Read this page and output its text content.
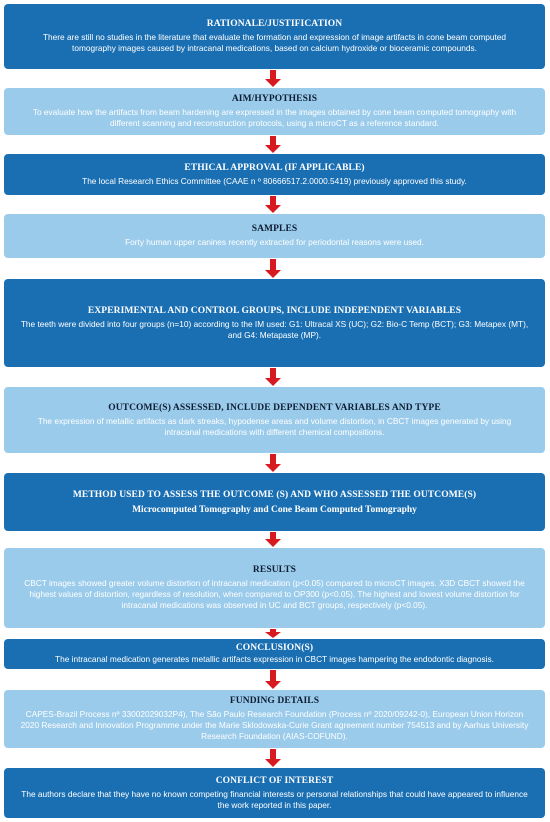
RATIONALE/JUSTIFICATION
There are still no studies in the literature that evaluate the formation and expression of image artifacts in cone beam computed tomography images caused by intracanal medications, based on calcium hydroxide or bioceramic compounds.
AIM/HYPOTHESIS
To evaluate how the artifacts from beam hardening are expressed in the images obtained by cone beam computed tomography with different scanning and reconstruction protocols, using a microCT as a reference standard.
ETHICAL APPROVAL (IF APPLICABLE)
The local Research Ethics Committee (CAAE n º 80666517.2.0000.5419) previously approved this study.
SAMPLES
Forty human upper canines recently extracted for periodontal reasons were used.
EXPERIMENTAL AND CONTROL GROUPS, INCLUDE INDEPENDENT VARIABLES
The teeth were divided into four groups (n=10) according to the IM used: G1: Ultracal XS (UC); G2: Bio-C Temp (BCT); G3: Metapex (MT), and G4: Metapaste (MP).
OUTCOME(S) ASSESSED, INCLUDE DEPENDENT VARIABLES AND TYPE
The expression of metallic artifacts as dark streaks, hypodense areas and volume distortion, in CBCT images generated by using intracanal medications with different chemical compositions.
METHOD USED TO ASSESS THE OUTCOME (S) AND WHO ASSESSED THE OUTCOME(S)
Microcomputed Tomography and Cone Beam Computed Tomography
RESULTS
CBCT images showed greater volume distortion of intracanal medication (p<0.05) compared to microCT images. X3D CBCT showed the highest values of distortion, regardless of resolution, when compared to OP300 (p<0.05). The highest and lowest volume distortion for intracanal medications was observed in UC and BCT groups, respectively (p<0.05).
CONCLUSION(S)
The intracanal medication generates metallic artifacts expression in CBCT images hampering the endodontic diagnosis.
FUNDING DETAILS
CAPES-Brazil Process nº 33002029032P4), The São Paulo Research Foundation (Process nº 2020/09242-0), European Union Horizon 2020 Research and Innovation Programme under the Marie Sklodowska-Curie Grant agreement number 754513 and by Aarhus University Research Foundation (AIAS-COFUND).
CONFLICT OF INTEREST
The authors declare that they have no known competing financial interests or personal relationships that could have appeared to influence the work reported in this paper.
